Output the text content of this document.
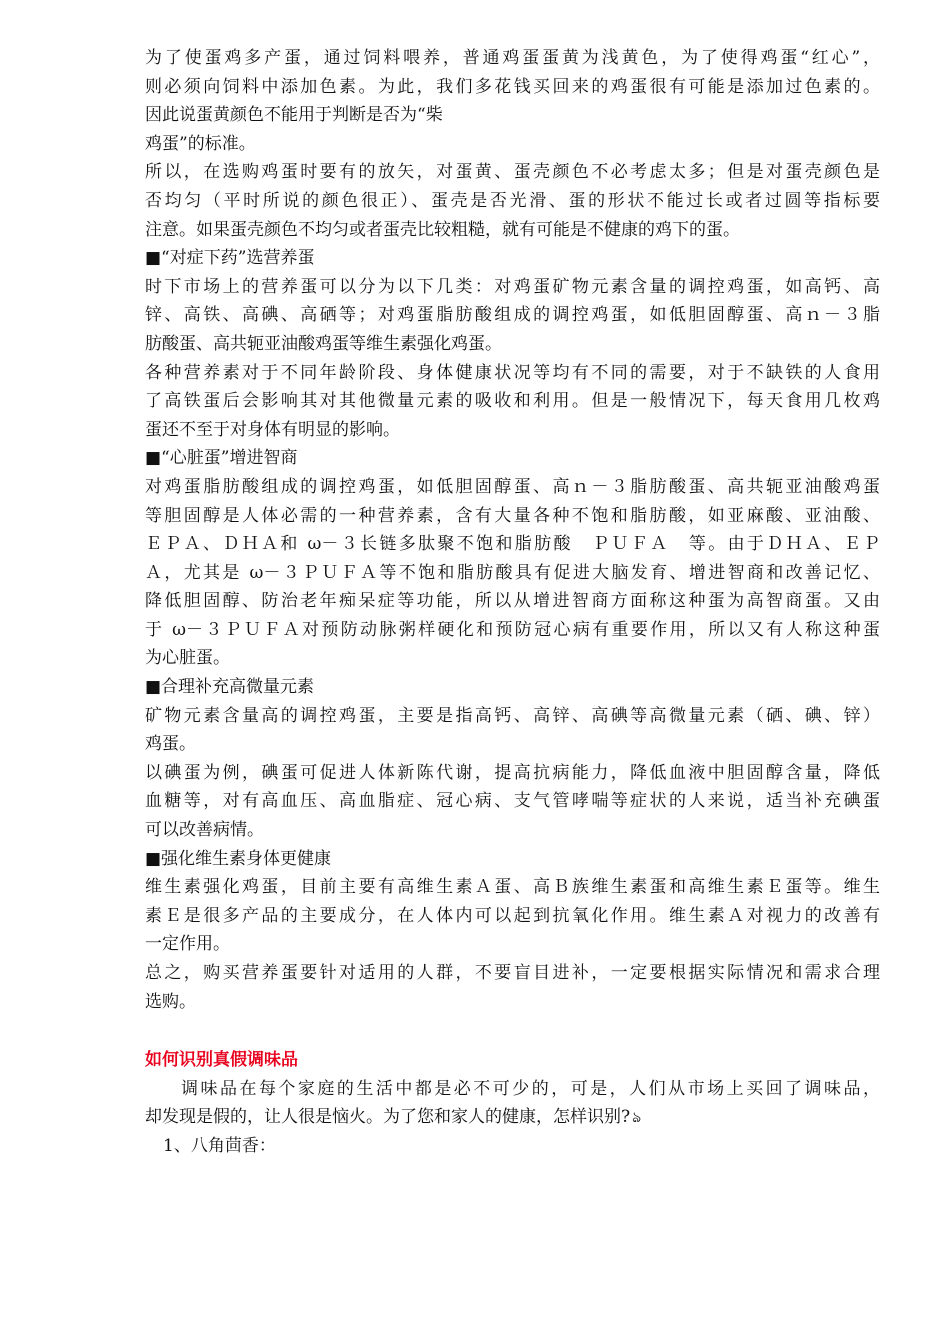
为了使蛋鸡多产蛋，通过饲料喂养，普通鸡蛋蛋黄为浅黄色，为了使得鸡蛋“红心”，
则必须向饲料中添加色素。为此，我们多花钱买回来的鸡蛋很有可能是添加过色素的。
因此说蛋黄颜色不能用于判断是否为“柴
鸡蛋”的标准。
所以，在选购鸡蛋时要有的放矢，对蛋黄、蛋壳颜色不必考虑太多；但是对蛋壳颜色是
否均匀（平时所说的颜色很正）、蛋壳是否光滑、蛋的形状不能过长或者过圆等指标要
注意。如果蛋壳颜色不均匀或者蛋壳比较粗糙，就有可能是不健康的鸡下的蛋。
■“对症下药”选营养蛋
时下市场上的营养蛋可以分为以下几类：对鸡蛋矿物元素含量的调控鸡蛋，如高钙、高
锌、高铁、高碘、高硒等；对鸡蛋脂肪酸组成的调控鸡蛋，如低胆固醇蛋、高ｎ－３脂
肪酸蛋、高共轭亚油酸鸡蛋等维生素强化鸡蛋。
各种营养素对于不同年龄阶段、身体健康状况等均有不同的需要，对于不缺铁的人食用
了高铁蛋后会影响其对其他微量元素的吸收和利用。但是一般情况下，每天食用几枚鸡
蛋还不至于对身体有明显的影响。
■“心脏蛋”增进智商
对鸡蛋脂肪酸组成的调控鸡蛋，如低胆固醇蛋、高ｎ－３脂肪酸蛋、高共轭亚油酸鸡蛋
等胆固醇是人体必需的一种营养素，含有大量各种不饱和脂肪酸，如亚麻酸、亚油酸、
ＥＰＡ、ＤＨＡ和 ω－３长链多肽聚不饱和脂肪酸　ＰＵＦＡ　等。由于ＤＨＡ、ＥＰ
Ａ，尤其是 ω－３ＰＵＦＡ等不饱和脂肪酸具有促进大脑发育、增进智商和改善记忆、
降低胆固醇、防治老年痴呆症等功能，所以从增进智商方面称这种蛋为高智商蛋。又由
于 ω－３ＰＵＦＡ对预防动脉粥样硬化和预防冠心病有重要作用，所以又有人称这种蛋
为心脏蛋。
■合理补充高微量元素
矿物元素含量高的调控鸡蛋，主要是指高钙、高锌、高碘等高微量元素（硒、碘、锌）
鸡蛋。
以碘蛋为例，碘蛋可促进人体新陈代谢，提高抗病能力，降低血液中胆固醇含量，降低
血糖等，对有高血压、高血脂症、冠心病、支气管哮喘等症状的人来说，适当补充碘蛋
可以改善病情。
■强化维生素身体更健康
维生素强化鸡蛋，目前主要有高维生素Ａ蛋、高Ｂ族维生素蛋和高维生素Ｅ蛋等。维生
素Ｅ是很多产品的主要成分，在人体内可以起到抗氧化作用。维生素Ａ对视力的改善有
一定作用。
总之，购买营养蛋要针对适用的人群，不要盲目进补，一定要根据实际情况和需求合理
选购。
如何识别真假调味品
调味品在每个家庭的生活中都是必不可少的，可是，人们从市场上买回了调味品，
却发现是假的，让人很是恼火。为了您和家人的健康，怎样识别? ঌ
1、八角茴香：
